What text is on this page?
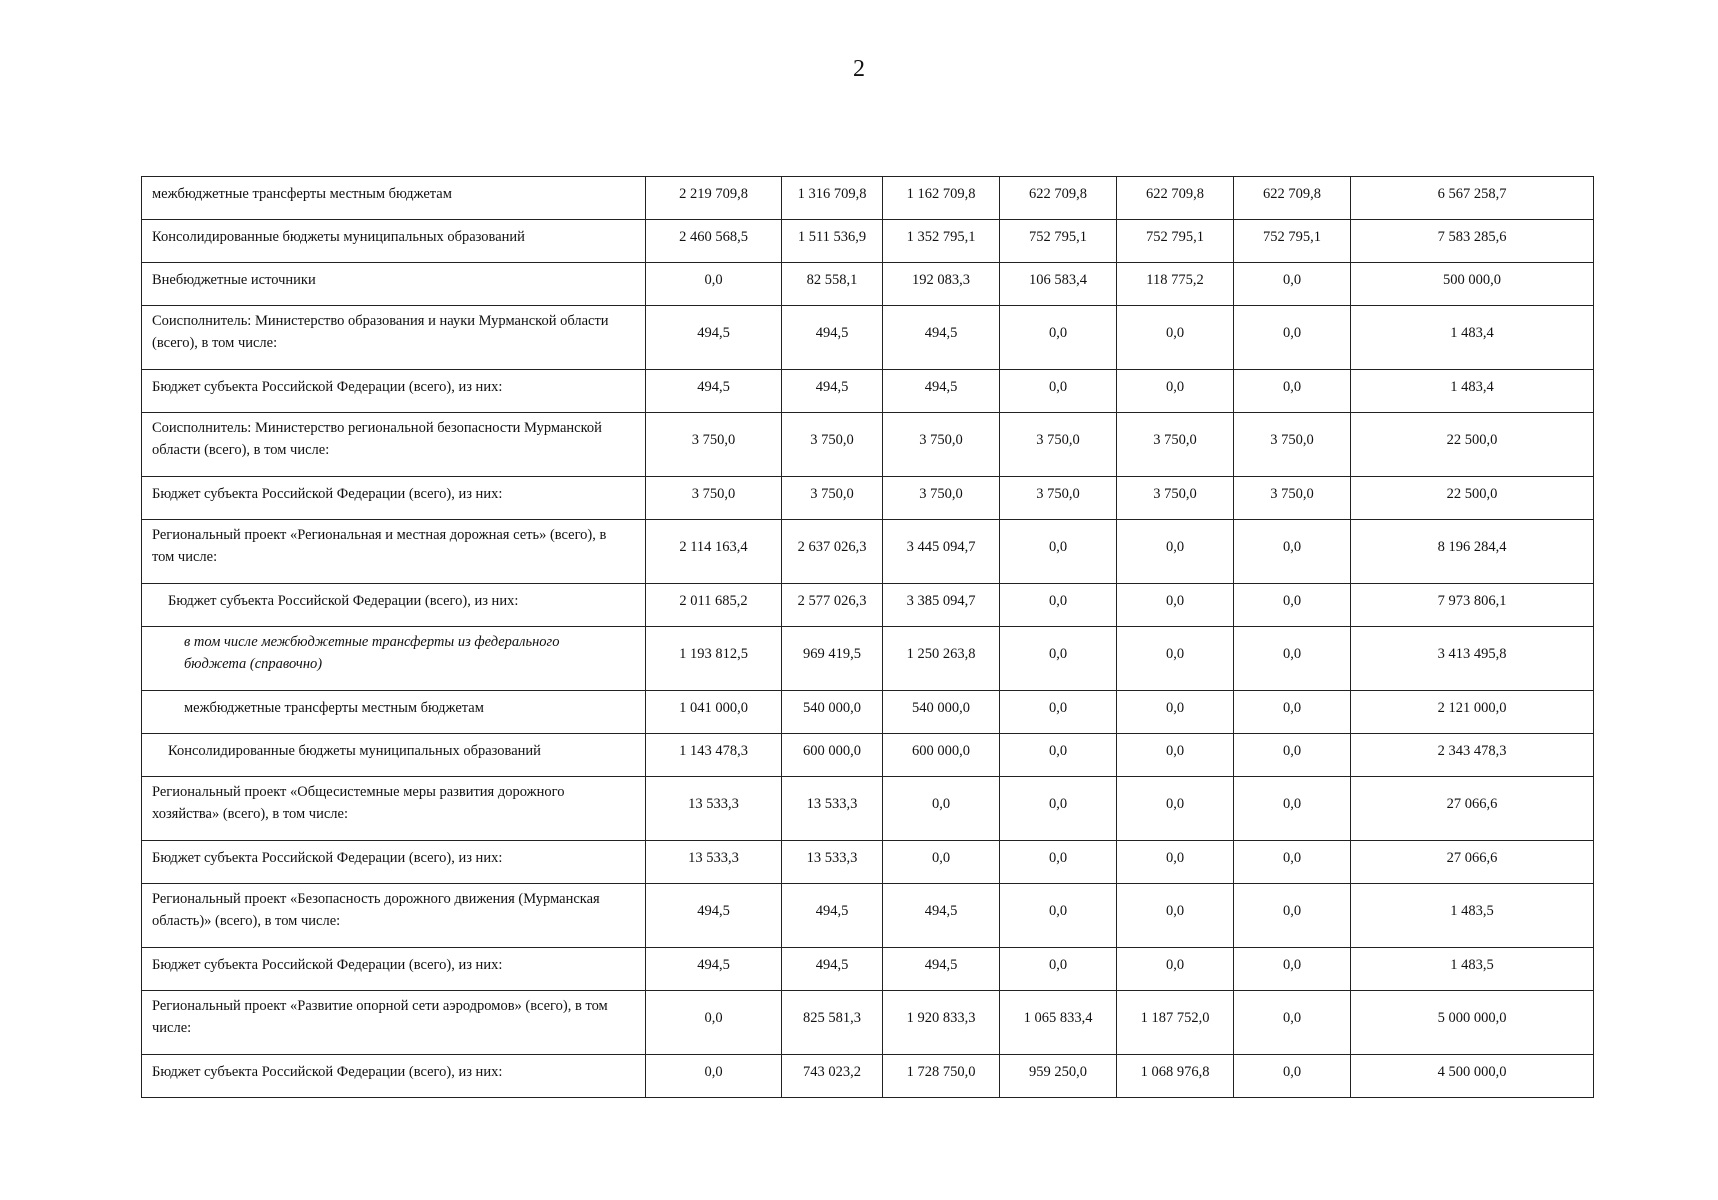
2
межбюджетные трансферты местным бюджетам	2 219 709,8	1 316 709,8	1 162 709,8	622 709,8	622 709,8	622 709,8	6 567 258,7
Консолидированные бюджеты муниципальных образований	2 460 568,5	1 511 536,9	1 352 795,1	752 795,1	752 795,1	752 795,1	7 583 285,6
Внебюджетные источники	0,0	82 558,1	192 083,3	106 583,4	118 775,2	0,0	500 000,0
Соисполнитель: Министерство образования и науки Мурманской области (всего), в том числе:	494,5	494,5	494,5	0,0	0,0	0,0	1 483,4
Бюджет субъекта Российской Федерации (всего), из них:	494,5	494,5	494,5	0,0	0,0	0,0	1 483,4
Соисполнитель: Министерство региональной безопасности Мурманской области (всего), в том числе:	3 750,0	3 750,0	3 750,0	3 750,0	3 750,0	3 750,0	22 500,0
Бюджет субъекта Российской Федерации (всего), из них:	3 750,0	3 750,0	3 750,0	3 750,0	3 750,0	3 750,0	22 500,0
Региональный проект «Региональная и местная дорожная сеть» (всего), в том числе:	2 114 163,4	2 637 026,3	3 445 094,7	0,0	0,0	0,0	8 196 284,4
Бюджет субъекта Российской Федерации (всего), из них:	2 011 685,2	2 577 026,3	3 385 094,7	0,0	0,0	0,0	7 973 806,1
в том числе межбюджетные трансферты из федерального бюджета (справочно)	1 193 812,5	969 419,5	1 250 263,8	0,0	0,0	0,0	3 413 495,8
межбюджетные трансферты местным бюджетам	1 041 000,0	540 000,0	540 000,0	0,0	0,0	0,0	2 121 000,0
Консолидированные бюджеты муниципальных образований	1 143 478,3	600 000,0	600 000,0	0,0	0,0	0,0	2 343 478,3
Региональный проект «Общесистемные меры развития дорожного хозяйства» (всего), в том числе:	13 533,3	13 533,3	0,0	0,0	0,0	0,0	27 066,6
Бюджет субъекта Российской Федерации (всего), из них:	13 533,3	13 533,3	0,0	0,0	0,0	0,0	27 066,6
Региональный проект «Безопасность дорожного движения (Мурманская область)» (всего), в том числе:	494,5	494,5	494,5	0,0	0,0	0,0	1 483,5
Бюджет субъекта Российской Федерации (всего), из них:	494,5	494,5	494,5	0,0	0,0	0,0	1 483,5
Региональный проект «Развитие опорной сети аэродромов» (всего), в том числе:	0,0	825 581,3	1 920 833,3	1 065 833,4	1 187 752,0	0,0	5 000 000,0
Бюджет субъекта Российской Федерации (всего), из них:	0,0	743 023,2	1 728 750,0	959 250,0	1 068 976,8	0,0	4 500 000,0
